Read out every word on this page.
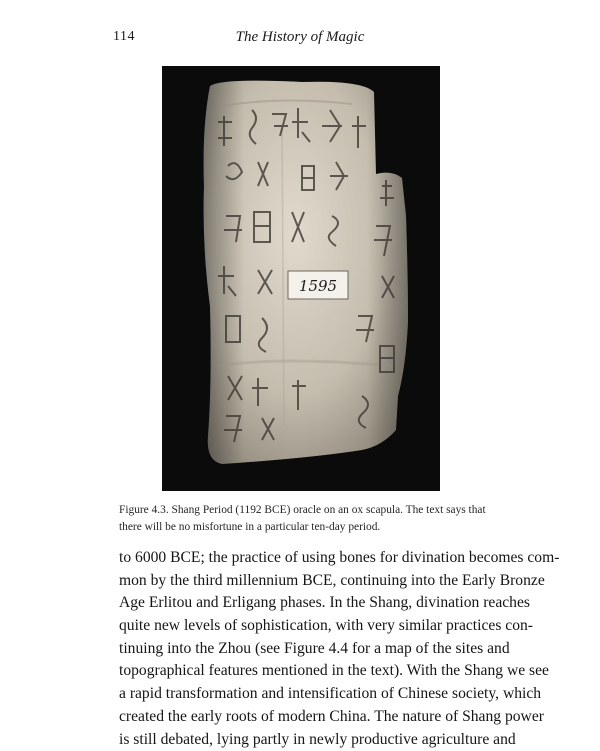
114	The History of Magic
1595

Figure 4.3. Shang Period (1192 BCE) oracle on an ox scapula. The text says that there will be no misfortune in a particular ten-day period.

to 6000 BCE; the practice of using bones for divination becomes com-
mon by the third millennium BCE, continuing into the Early Bronze
Age Erlitou and Erligang phases. In the Shang, divination reaches
quite new levels of sophistication, with very similar practices con-
tinuing into the Zhou (see Figure 4.4 for a map of the sites and
topographical features mentioned in the text). With the Shang we see
a rapid transformation and intensification of Chinese society, which
created the early roots of modern China. The nature of Shang power
is still debated, lying partly in newly productive agriculture and
